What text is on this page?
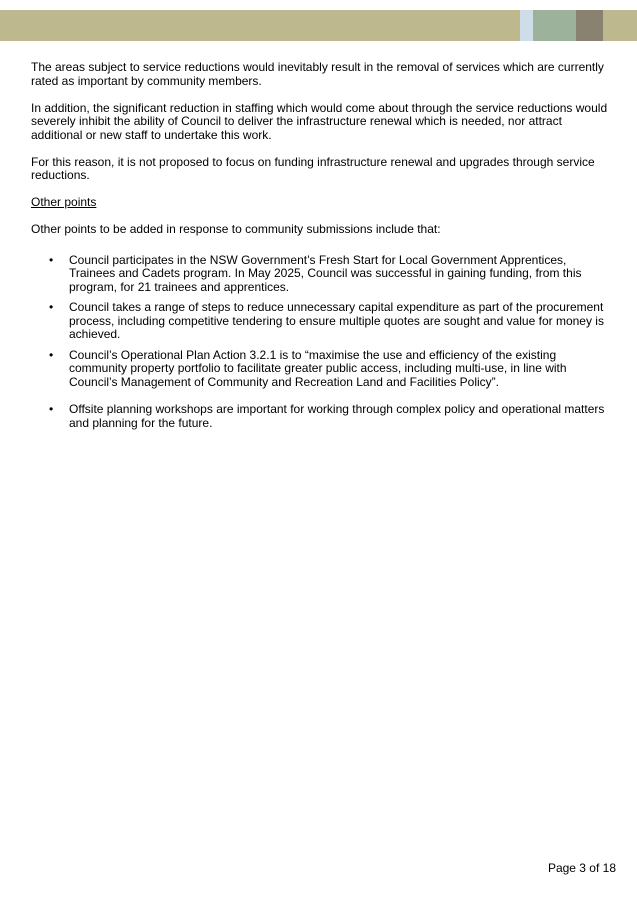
The areas subject to service reductions would inevitably result in the removal of services which are currently rated as important by community members.

In addition, the significant reduction in staffing which would come about through the service reductions would severely inhibit the ability of Council to deliver the infrastructure renewal which is needed, nor attract additional or new staff to undertake this work.

For this reason, it is not proposed to focus on funding infrastructure renewal and upgrades through service reductions.

Other points

Other points to be added in response to community submissions include that:

• Council participates in the NSW Government’s Fresh Start for Local Government Apprentices, Trainees and Cadets program. In May 2025, Council was successful in gaining funding, from this program, for 21 trainees and apprentices.
• Council takes a range of steps to reduce unnecessary capital expenditure as part of the procurement process, including competitive tendering to ensure multiple quotes are sought and value for money is achieved.
• Council’s Operational Plan Action 3.2.1 is to “maximise the use and efficiency of the existing community property portfolio to facilitate greater public access, including multi-use, in line with Council’s Management of Community and Recreation Land and Facilities Policy”.
• Offsite planning workshops are important for working through complex policy and operational matters and planning for the future.
Page 3 of 18
